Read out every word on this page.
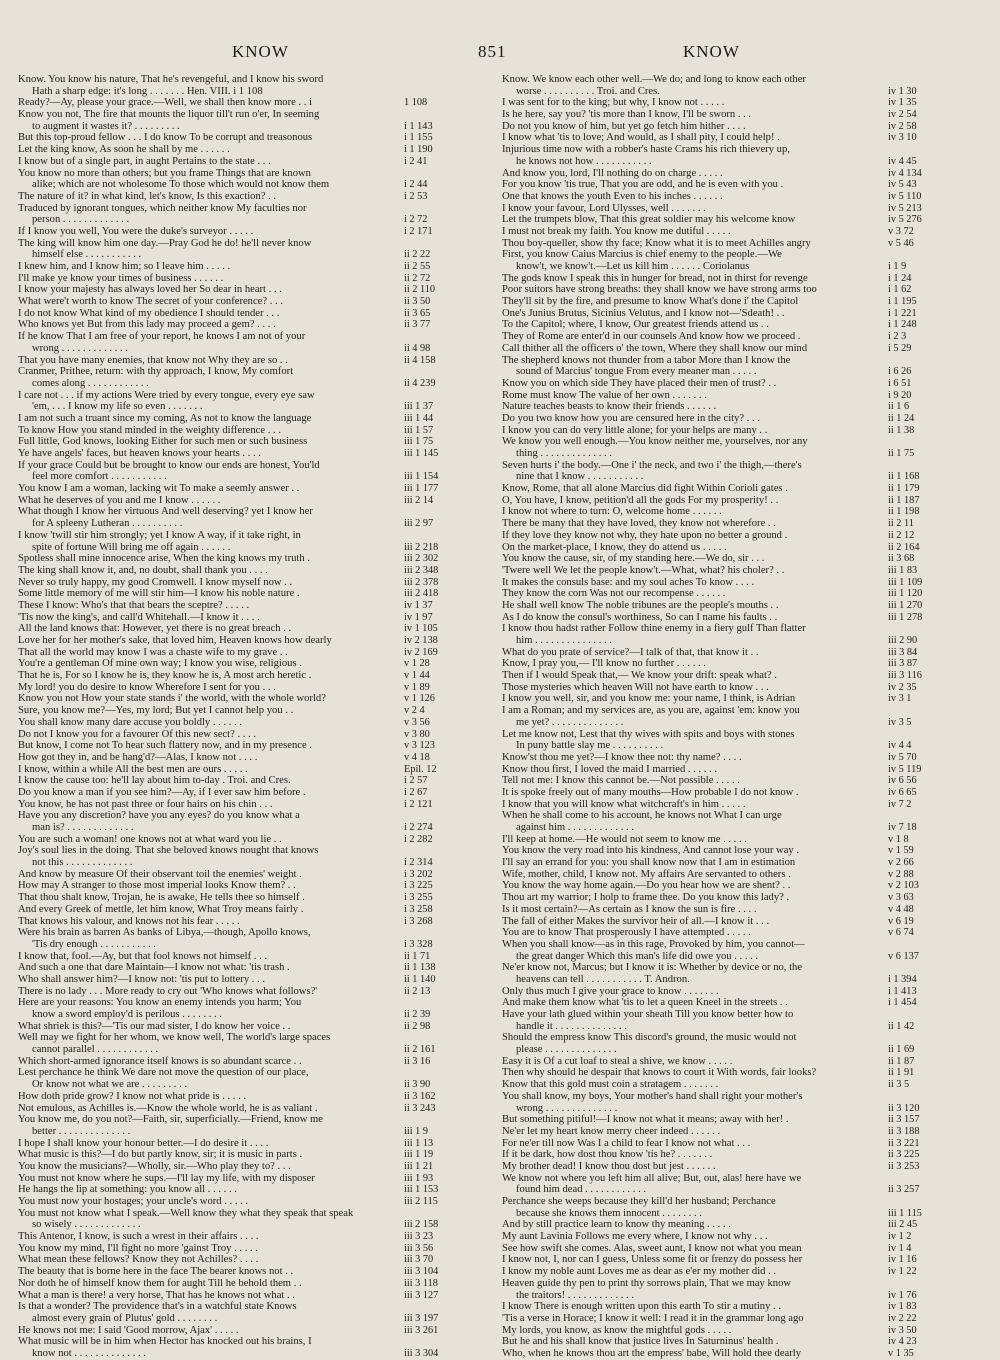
KNOW	851	KNOW
Know. You know his nature, That he's revengeful, and I know his sword
Hath a sharp edge: it's long . . . . . . . Hen. VIII. i 1 108
Ready?—Ay, please your grace.—Well, we shall then know more . . i	1 108
Know you not, The fire that mounts the liquor till't run o'er, In seeming
to augment it wastes it? . . . . . . . . .	i 1 143
But this top-proud fellow . . . I do know To be corrupt and treasonous	i 1 155
Let the king know, As soon he shall by me . . . . . .	i 1 190
I know but of a single part, in aught Pertains to the state . . .	i 2 41
You know no more than others; but you frame Things that are known
alike; which are not wholesome To those which would not know them	i 2 44
The nature of it? in what kind, let's know, Is this exaction? . .	i 2 53
Traduced by ignorant tongues, which neither know My faculties nor
person . . . . . . . . . . . . .	i 2 72
If I know you well, You were the duke's surveyor . . . . .	i 2 171
The king will know him one day.—Pray God he do! he'll never know
himself else . . . . . . . . . . .	ii 2 22
I knew him, and I know him; so I leave him . . . . .	ii 2 55
I'll make ye know your times of business . . . . . .	ii 2 72
I know your majesty has always loved her So dear in heart . . .	ii 2 110
What were't worth to know The secret of your conference? . . .	ii 3 50
I do not know What kind of my obedience I should tender . . .	ii 3 65
Who knows yet But from this lady may proceed a gem? . . . .	ii 3 77
If he know That I am free of your report, he knows I am not of your
wrong . . . . . . . . . . . . .	ii 4 98
That you have many enemies, that know not Why they are so . .	ii 4 158
Cranmer, Prithee, return: with thy approach, I know, My comfort
comes along . . . . . . . . . . . .	ii 4 239
I care not . . . if my actions Were tried by every tongue, every eye saw
'em, . . . I know my life so even . . . . . . .	iii 1 37
I am not such a truant since my coming, As not to know the language	iii 1 44
To know How you stand minded in the weighty difference . . .	iii 1 57
Full little, God knows, looking Either for such men or such business	iii 1 75
Ye have angels' faces, but heaven knows your hearts . . . .	iii 1 145
If your grace Could but be brought to know our ends are honest, You'ld
feel more comfort . . . . . . . . . . .	iii 1 154
You know I am a woman, lacking wit To make a seemly answer . .	iii 1 177
What he deserves of you and me I know . . . . . .	iii 2 14
What though I know her virtuous And well deserving? yet I know her
for A spleeny Lutheran . . . . . . . . . .	iii 2 97
I know 'twill stir him strongly; yet I know A way, if it take right, in
spite of fortune Will bring me off again . . . . . .	iii 2 218
Spotless shall mine innocence arise, When the king knows my truth .	iii 2 302
The king shall know it, and, no doubt, shall thank you . . . .	iii 2 348
Never so truly happy, my good Cromwell. I know myself now . .	iii 2 378
Some little memory of me will stir him—I know his noble nature .	iii 2 418
These I know: Who's that that bears the sceptre? . . . . .	iv 1 37
'Tis now the king's, and call'd Whitehall.—I know it . . . .	iv 1 97
All the land knows that: However, yet there is no great breach . .	iv 1 105
Love her for her mother's sake, that loved him, Heaven knows how dearly	iv 2 138
That all the world may know I was a chaste wife to my grave . .	iv 2 169
You're a gentleman Of mine own way; I know you wise, religious .	v 1 28
That he is, For so I know he is, they know he is, A most arch heretic .	v 1 44
My lord! you do desire to know Wherefore I sent for you . . .	v 1 89
Know you not How your state stands i' the world, with the whole world?	v 1 126
Sure, you know me?—Yes, my lord; But yet I cannot help you . .	v 2 4
You shall know many dare accuse you boldly . . . . . .	v 3 56
Do not I know you for a favourer Of this new sect? . . . .	v 3 80
But know, I come not To hear such flattery now, and in my presence .	v 3 123
How got they in, and be hang'd?—Alas, I know not . . . .	v 4 18
I know, within a while All the best men are ours . . . . .	Epil. 12
I know the cause too: he'll lay about him to-day . Troi. and Cres.	i 2 57
Do you know a man if you see him?—Ay, if I ever saw him before .	i 2 67
You know, he has not past three or four hairs on his chin . . .	i 2 121
Have you any discretion? have you any eyes? do you know what a
man is? . . . . . . . . . . . . .	i 2 274
You are such a woman! one knows not at what ward you lie . .	i 2 282
Joy's soul lies in the doing. That she beloved knows nought that knows
not this . . . . . . . . . . . . .	i 2 314
And know by measure Of their observant toil the enemies' weight .	i 3 202
How may A stranger to those most imperial looks Know them? . .	i 3 225
That thou shalt know, Trojan, he is awake, He tells thee so himself .	i 3 255
And every Greek of mettle, let him know, What Troy means fairly .	i 3 258
That knows his valour, and knows not his fear . . . . .	i 3 268
Were his brain as barren As banks of Libya,—though, Apollo knows,
'Tis dry enough . . . . . . . . . . .	i 3 328
I know that, fool.—Ay, but that fool knows not himself . . .	ii 1 71
And such a one that dare Maintain—I know not what: 'tis trash .	ii 1 138
Who shall answer him?—I know not: 'tis put to lottery . . .	ii 1 140
There is no lady . . . More ready to cry out 'Who knows what follows?'	ii 2 13
Here are your reasons: You know an enemy intends you harm; You
know a sword employ'd is perilous . . . . . . . .	ii 2 39
What shriek is this?—'Tis our mad sister, I do know her voice . .	ii 2 98
Well may we fight for her whom, we know well, The world's large spaces
cannot parallel . . . . . . . . . . . .	ii 2 161
Which short-armed ignorance itself knows is so abundant scarce . .	ii 3 16
Lest perchance he think We dare not move the question of our place,
Or know not what we are . . . . . . . . .	ii 3 90
How doth pride grow? I know not what pride is . . . . .	ii 3 162
Not emulous, as Achilles is.—Know the whole world, he is as valiant .	ii 3 243
You know me, do you not?—Faith, sir, superficially.—Friend, know me
better . . . . . . . . . . . . . .	iii 1 9
I hope I shall know your honour better.—I do desire it . . . .	iii 1 13
What music is this?—I do but partly know, sir; it is music in parts .	iii 1 19
You know the musicians?—Wholly, sir.—Who play they to? . . .	iii 1 21
You must not know where he sups.—I'll lay my life, with my disposer	iii 1 93
He hangs the lip at something: you know all . . . . . .	iii 1 153
You must now your hostages; your uncle's word . . . . .	iii 2 115
You must not know what I speak.—Well know they what they speak that speak
so wisely . . . . . . . . . . . . .	iii 2 158
This Antenor, I know, is such a wrest in their affairs . . . .	iii 3 23
You know my mind, I'll fight no more 'gainst Troy . . . . .	iii 3 56
What mean these fellows? Know they not Achilles? . . . .	iii 3 70
The beauty that is borne here in the face The bearer knows not . .	iii 3 104
Nor doth he of himself know them for aught Till he behold them . .	iii 3 118
What a man is there! a very horse, That has he knows not what . .	iii 3 127
Is that a wonder? The providence that's in a watchful state Knows
almost every grain of Plutus' gold . . . . . . . .	iii 3 197
He knows not me: I said 'Good morrow, Ajax' . . . . .	iii 3 261
What music will be in him when Hector has knocked out his brains, I
know not . . . . . . . . . . . . . .	iii 3 304
Know. We know each other well.—We do; and long to know each other
worse . . . . . . . . . . Troi. and Cres.	iv 1 30
I was sent for to the king; but why, I know not . . . . .	iv 1 35
Is he here, say you? 'tis more than I know, I'll be sworn . . .	iv 2 54
Do not you know of him, but yet go fetch him hither . . . .	iv 2 58
I know what 'tis to love; And would, as I shall pity, I could help! .	iv 3 10
Injurious time now with a robber's haste Crams his rich thievery up,
he knows not how . . . . . . . . . . .	iv 4 45
And know you, lord, I'll nothing do on charge . . . . .	iv 4 134
For you know 'tis true, That you are odd, and he is even with you .	iv 5 43
One that knows the youth Even to his inches . . . . . .	iv 5 110
I know your favour, Lord Ulysses, well . . . . . . .	iv 5 213
Let the trumpets blow, That this great soldier may his welcome know	iv 5 276
I must not break my faith. You know me dutiful . . . . .	v 3 72
Thou boy-queller, show thy face; Know what it is to meet Achilles angry	v 5 46
First, you know Caius Marcius is chief enemy to the people.—We
know't, we know't.—Let us kill him . . . . . . Coriolanus	i 1 9
The gods know I speak this in hunger for bread, not in thirst for revenge	i 1 24
Poor suitors have strong breaths: they shall know we have strong arms too	i 1 62
They'll sit by the fire, and presume to know What's done i' the Capitol	i 1 195
One's Junius Brutus, Sicinius Velutus, and I know not—'Sdeath! . .	i 1 221
To the Capitol; where, I know, Our greatest friends attend us . .	i 1 248
They of Rome are enter'd in our counsels And know how we proceed .	i 2 3
Call thither all the officers o' the town, Where they shall know our mind	i 5 29
The shepherd knows not thunder from a tabor More than I know the
sound of Marcius' tongue From every meaner man . . . . .	i 6 26
Know you on which side They have placed their men of trust? . .	i 6 51
Rome must know The value of her own . . . . . . .	i 9 20
Nature teaches beasts to know their friends . . . . . .	ii 1 6
Do you two know how you are censured here in the city? . . .	ii 1 24
I know you can do very little alone; for your helps are many . .	ii 1 38
We know you well enough.—You know neither me, yourselves, nor any
thing . . . . . . . . . . . . . .	ii 1 75
Seven hurts i' the body.—One i' the neck, and two i' the thigh,—there's
nine that I know . . . . . . . . . . .	ii 1 168
Know, Rome, that all alone Marcius did fight Within Corioli gates .	ii 1 179
O, You have, I know, petition'd all the gods For my prosperity! . .	ii 1 187
I know not where to turn: O, welcome home . . . . . .	ii 1 198
There be many that they have loved, they know not wherefore . .	ii 2 11
If they love they know not why, they hate upon no better a ground .	ii 2 12
On the market-place, I know, they do attend us . . . . .	ii 2 164
You know the cause, sir, of my standing here.—We do, sir . . .	ii 3 68
'Twere well We let the people know't.—What, what? his choler? . .	iii 1 83
It makes the consuls base: and my soul aches To know . . . .	iii 1 109
They know the corn Was not our recompense . . . . . .	iii 1 120
He shall well know The noble tribunes are the people's mouths . .	iii 1 270
As I do know the consul's worthiness, So can I name his faults . .	iii 1 278
I know thou hadst rather Follow thine enemy in a fiery gulf Than flatter
him . . . . . . . . . . . . . . .	iii 2 90
What do you prate of service?—I talk of that, that know it . .	iii 3 84
Know, I pray you,— I'll know no further . . . . . .	iii 3 87
Then if I would Speak that,— We know your drift: speak what? .	iii 3 116
Those mysteries which heaven Will not have earth to know . . .	iv 2 35
I know you well, sir, and you know me: your name, I think, is Adrian	iv 3 1
I am a Roman; and my services are, as you are, against 'em: know you
me yet? . . . . . . . . . . . . . .	iv 3 5
Let me know not, Lest that thy wives with spits and boys with stones
In puny battle slay me . . . . . . . . . .	iv 4 4
Know'st thou me yet?—I know thee not: thy name? . . . .	iv 5 70
Know thou first, I loved the maid I married . . . . . .	iv 5 119
Tell not me: I know this cannot be.—Not possible . . . . .	iv 6 56
It is spoke freely out of many mouths—How probable I do not know .	iv 6 65
I know that you will know what witchcraft's in him . . . . .	iv 7 2
When he shall come to his account, he knows not What I can urge
against him . . . . . . . . . . . . .	iv 7 18
I'll keep at home.—He would not seem to know me . . . . .	v 1 8
You know the very road into his kindness, And cannot lose your way .	v 1 59
I'll say an errand for you: you shall know now that I am in estimation	v 2 66
Wife, mother, child, I know not. My affairs Are servanted to others .	v 2 88
You know the way home again.—Do you hear how we are shent? . .	v 2 103
Thou art my warrior; I holp to frame thee. Do you know this lady? .	v 3 63
Is it most certain?—As certain as I know the sun is fire . . . .	v 4 48
The fall of either Makes the survivor heir of all.—I know it . . .	v 6 19
You are to know That prosperously I have attempted . . . . .	v 6 74
When you shall know—as in this rage, Provoked by him, you cannot—
the great danger Which this man's life did owe you . . . . .	v 6 137
Ne'er know not, Marcus; but I know it is: Whether by device or no, the
heavens can tell . . . . . . . . . . . T. Andron.	i 1 394
Only thus much I give your grace to know . . . . . . .	i 1 413
And make them know what 'tis to let a queen Kneel in the streets . .	i 1 454
Have your lath glued within your sheath Till you know better how to
handle it . . . . . . . . . . . . . .	ii 1 42
Should the empress know This discord's ground, the music would not
please . . . . . . . . . . . . . .	ii 1 69
Easy it is Of a cut loaf to steal a shive, we know . . . . .	ii 1 87
Then why should he despair that knows to court it With words, fair looks?	ii 1 91
Know that this gold must coin a stratagem . . . . . . .	ii 3 5
You shall know, my boys, Your mother's hand shall right your mother's
wrong . . . . . . . . . . . . . .	ii 3 120
But something pitiful!—I know not what it means; away with her! .	ii 3 157
Ne'er let my heart know merry cheer indeed . . . . . .	ii 3 188
For ne'er till now Was I a child to fear I know not what . . .	ii 3 221
If it be dark, how dost thou know 'tis he? . . . . . . .	ii 3 225
My brother dead! I know thou dost but jest . . . . . .	ii 3 253
We know not where you left him all alive; But, out, alas! here have we
found him dead . . . . . . . . . . . .	ii 3 257
Perchance she weeps because they kill'd her husband; Perchance
because she knows them innocent . . . . . . . .	iii 1 115
And by still practice learn to know thy meaning . . . . .	iii 2 45
My aunt Lavinia Follows me every where, I know not why . . .	iv 1 2
See how swift she comes. Alas, sweet aunt, I know not what you mean	iv 1 4
I know not, I, nor can I guess, Unless some fit or frenzy do possess her	iv 1 16
I know my noble aunt Loves me as dear as e'er my mother did . .	iv 1 22
Heaven guide thy pen to print thy sorrows plain, That we may know
the traitors! . . . . . . . . . . . . .	iv 1 76
I know There is enough written upon this earth To stir a mutiny . .	iv 1 83
'Tis a verse in Horace; I know it well: I read it in the grammar long ago	iv 2 22
My lords, you know, as know the mightful gods . . . . .	iv 3 50
But he and his shall know that justice lives In Saturninus' health .	iv 4 23
Who, when he knows thou art the empress' babe, Will hold thee dearly	v 1 35
